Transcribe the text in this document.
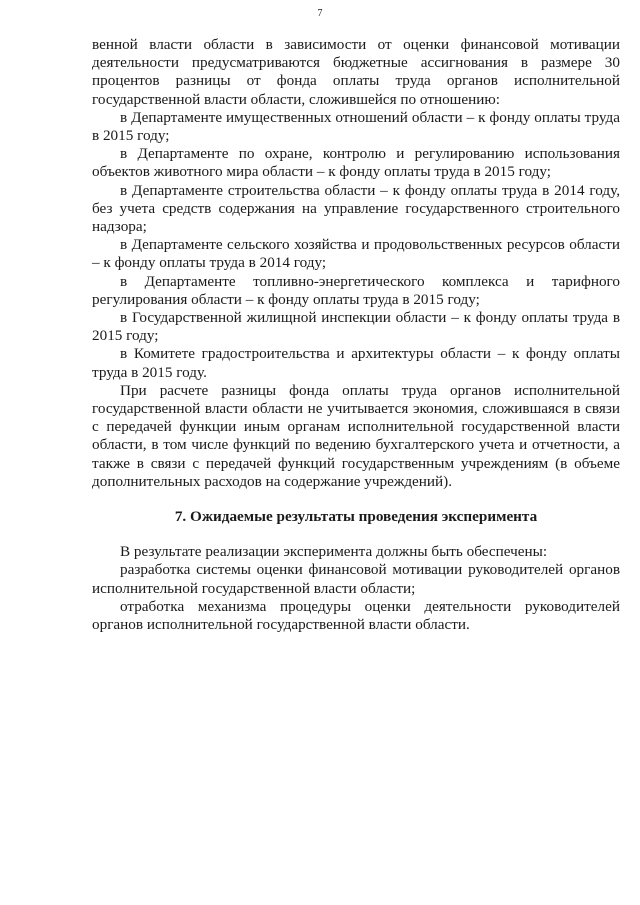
7

венной власти области в зависимости от оценки финансовой мотивации деятельности предусматриваются бюджетные ассигнования в размере 30 процентов разницы от фонда оплаты труда органов исполнительной государственной власти области, сложившейся по отношению:

в Департаменте имущественных отношений области – к фонду оплаты труда в 2015 году;

в Департаменте по охране, контролю и регулированию использования объектов животного мира области – к фонду оплаты труда в 2015 году;

в Департаменте строительства области – к фонду оплаты труда в 2014 году, без учета средств содержания на управление государственного строительного надзора;

в Департаменте сельского хозяйства и продовольственных ресурсов области – к фонду оплаты труда в 2014 году;

в Департаменте топливно-энергетического комплекса и тарифного регулирования области – к фонду оплаты труда в 2015 году;

в Государственной жилищной инспекции области – к фонду оплаты труда в 2015 году;

в Комитете градостроительства и архитектуры области – к фонду оплаты труда в 2015 году.

При расчете разницы фонда оплаты труда органов исполнительной государственной власти области не учитывается экономия, сложившаяся в связи с передачей функции иным органам исполнительной государственной власти области, в том числе функций по ведению бухгалтерского учета и отчетности, а также в связи с передачей функций государственным учреждениям (в объеме дополнительных расходов на содержание учреждений).

7. Ожидаемые результаты проведения эксперимента

В результате реализации эксперимента должны быть обеспечены:

разработка системы оценки финансовой мотивации руководителей органов исполнительной государственной власти области;

отработка механизма процедуры оценки деятельности руководителей органов исполнительной государственной власти области.
